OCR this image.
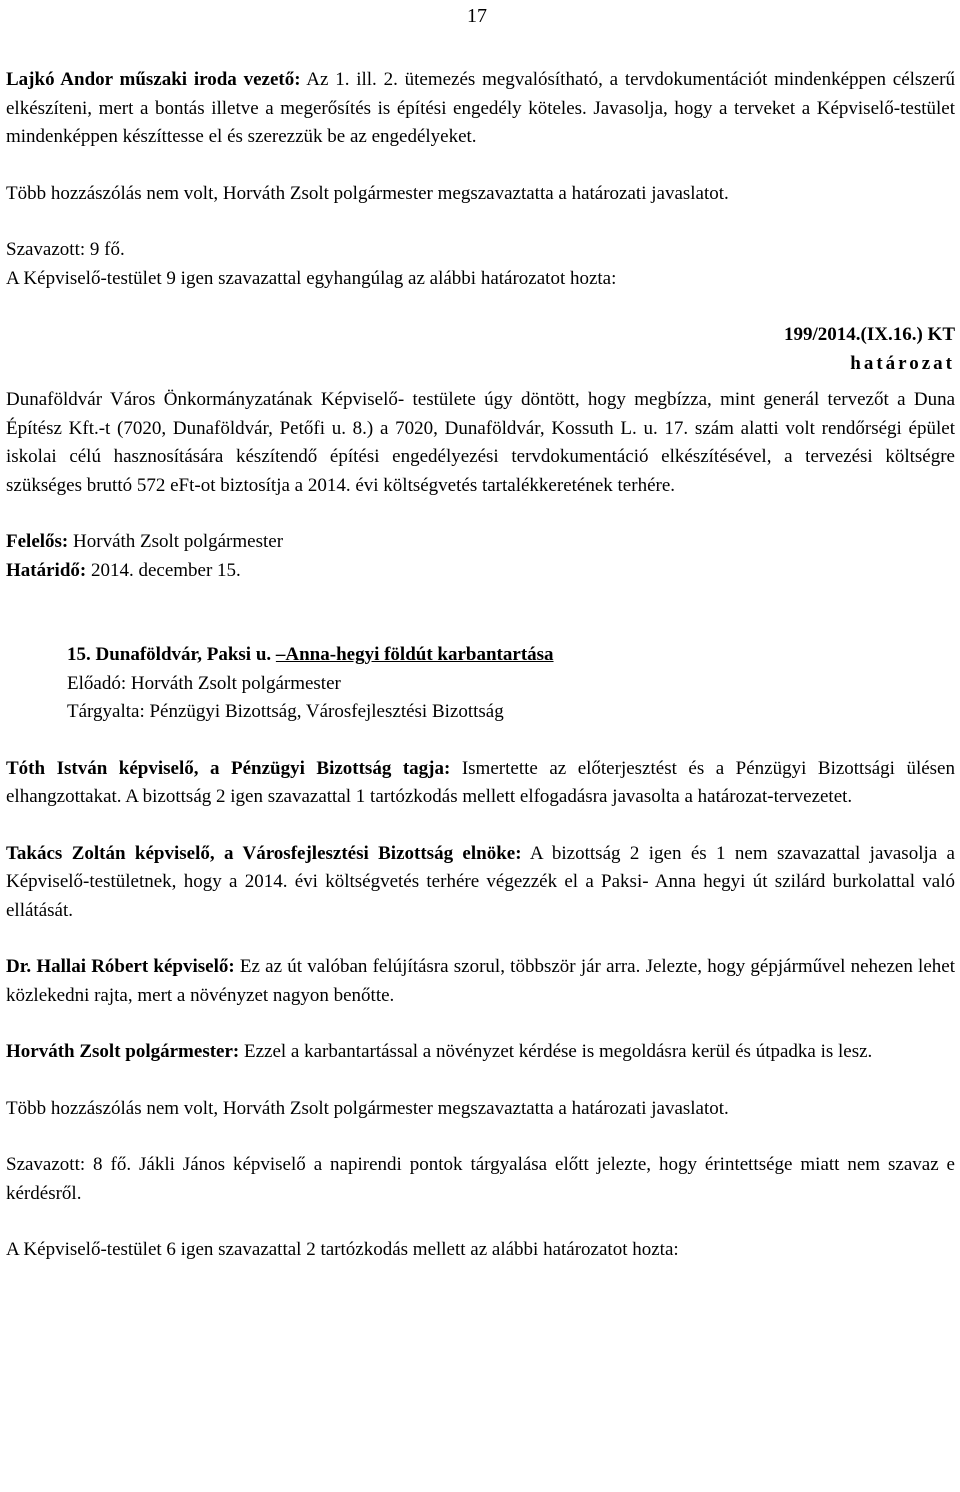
17

Lajkó Andor műszaki iroda vezető: Az 1. ill. 2. ütemezés megvalósítható, a tervdokumentációt mindenképpen célszerű elkészíteni, mert a bontás illetve a megerősítés is építési engedély köteles. Javasolja, hogy a terveket a Képviselő-testület mindenképpen készíttesse el és szerezzük be az engedélyeket.

Több hozzászólás nem volt, Horváth Zsolt polgármester megszavaztatta a határozati javaslatot.

Szavazott: 9 fő.

A Képviselő-testület 9 igen szavazattal egyhangúlag az alábbi határozatot hozta:

199/2014.(IX.16.) KT

határozat

Dunaföldvár Város Önkormányzatának Képviselő- testülete úgy döntött, hogy megbízza, mint generál tervezőt a Duna Építész Kft.-t (7020, Dunaföldvár, Petőfi u. 8.) a 7020, Dunaföldvár, Kossuth L. u. 17. szám alatti volt rendőrségi épület iskolai célú hasznosítására készítendő építési engedélyezési tervdokumentáció elkészítésével, a tervezési költségre szükséges bruttó 572 eFt-ot biztosítja a 2014. évi költségvetés tartalékkeretének terhére.

Felelős: Horváth Zsolt polgármester

Határidő: 2014. december 15.

15. Dunaföldvár, Paksi u. –Anna-hegyi földút karbantartása

Előadó: Horváth Zsolt polgármester

Tárgyalta: Pénzügyi Bizottság, Városfejlesztési Bizottság

Tóth István képviselő, a Pénzügyi Bizottság tagja: Ismertette az előterjesztést és a Pénzügyi Bizottsági ülésen elhangzottakat. A bizottság 2 igen szavazattal 1 tartózkodás mellett elfogadásra javasolta a határozat-tervezetet.

Takács Zoltán képviselő, a Városfejlesztési Bizottság elnöke: A bizottság 2 igen és 1 nem szavazattal javasolja a Képviselő-testületnek, hogy a 2014. évi költségvetés terhére végezzék el a Paksi- Anna hegyi út szilárd burkolattal való ellátását.

Dr. Hallai Róbert képviselő: Ez az út valóban felújításra szorul, többször jár arra. Jelezte, hogy gépjárművel nehezen lehet közlekedni rajta, mert a növényzet nagyon benőtte.

Horváth Zsolt polgármester: Ezzel a karbantartással a növényzet kérdése is megoldásra kerül és útpadka is lesz.

Több hozzászólás nem volt, Horváth Zsolt polgármester megszavaztatta a határozati javaslatot.

Szavazott: 8 fő. Jákli János képviselő a napirendi pontok tárgyalása előtt jelezte, hogy érintettsége miatt nem szavaz e kérdésről.

A Képviselő-testület 6 igen szavazattal 2 tartózkodás mellett az alábbi határozatot hozta:
